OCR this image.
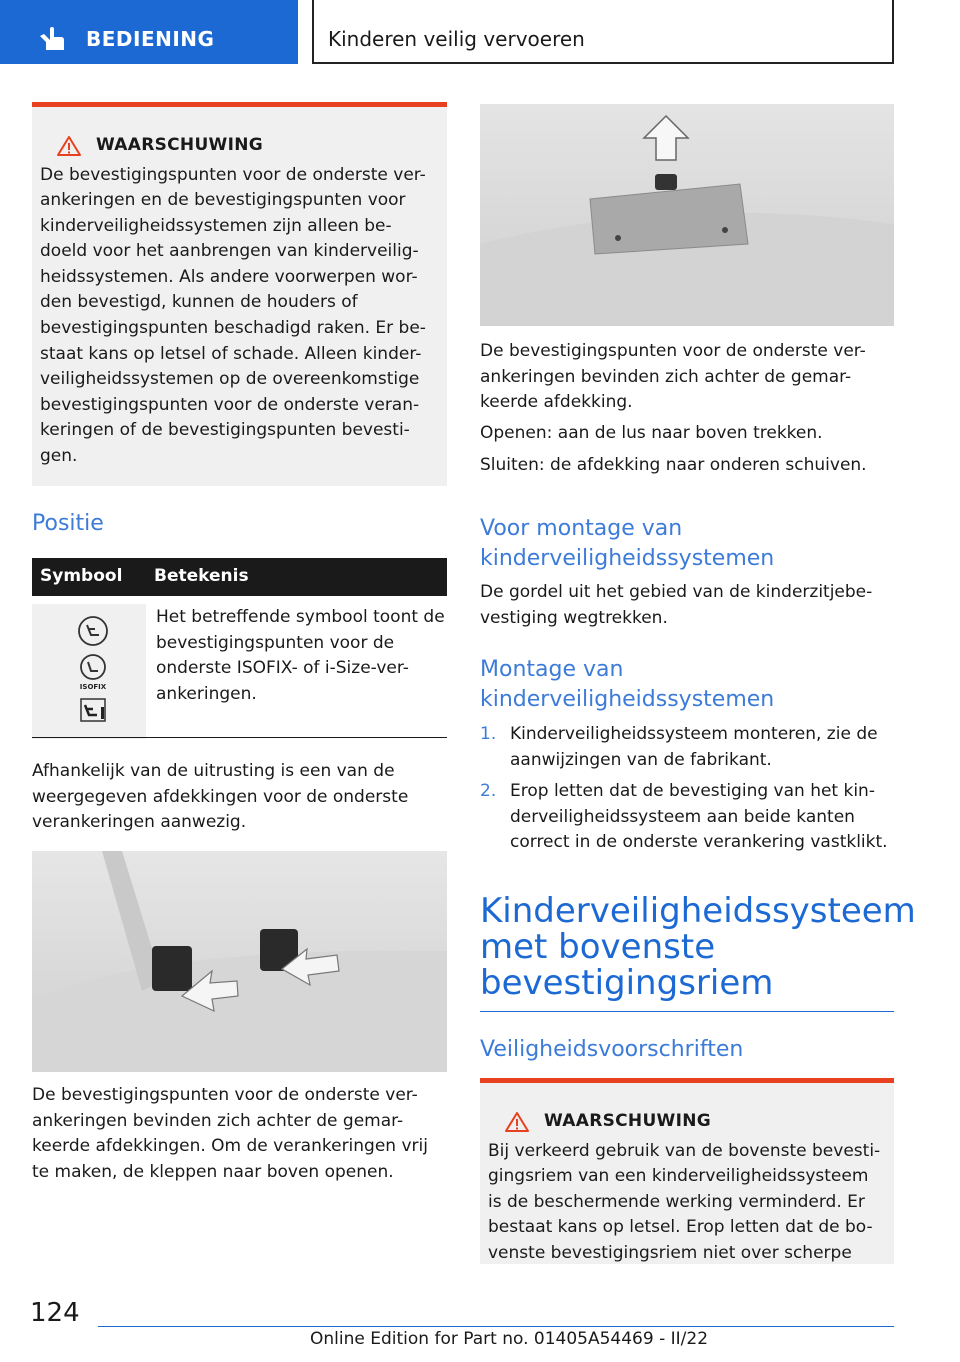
BEDIENING	Kinderen veilig vervoeren
WAARSCHUWING

De bevestigingspunten voor de onderste ver-ankeringen en de bevestigingspunten voor kinderveiligheidssystemen zijn alleen be-doeld voor het aanbrengen van kinderveilig-heidssystemen. Als andere voorwerpen wor-den bevestigd, kunnen de houders of bevestigingspunten beschadigd raken. Er be-staat kans op letsel of schade. Alleen kinder-veiligheidssystemen op de overeenkomstige bevestigingspunten voor de onderste veran-keringen of de bevestigingspunten bevesti-gen.

Positie
Symbool	Betekenis

ISOFIX	Het betreffende symbool toont de bevestigingspunten voor de onderste ISOFIX- of i-Size-ver-ankeringen.

Afhankelijk van de uitrusting is een van de weergegeven afdekkingen voor de onderste verankeringen aanwezig.

De bevestigingspunten voor de onderste ver-ankeringen bevinden zich achter de gemar-keerde afdekkingen. Om de verankeringen vrij te maken, de kleppen naar boven openen.

De bevestigingspunten voor de onderste ver-ankeringen bevinden zich achter de gemar-keerde afdekking.

Openen: aan de lus naar boven trekken.

Sluiten: de afdekking naar onderen schuiven.

Voor montage van kinderveiligheidssystemen

De gordel uit het gebied van de kinderzitjebe-vestiging wegtrekken.

Montage van kinderveiligheidssystemen
1. Kinderveiligheidssysteem monteren, zie de aanwijzingen van de fabrikant.
2. Erop letten dat de bevestiging van het kin-derveiligheidssysteem aan beide kanten correct in de onderste verankering vastklikt.
Kinderveiligheidssysteem met bovenste bevestigingsriem
Veiligheidsvoorschriften
WAARSCHUWING

Bij verkeerd gebruik van de bovenste bevesti-gingsriem van een kinderveiligheidssysteem is de beschermende werking verminderd. Er bestaat kans op letsel. Erop letten dat de bo-venste bevestigingsriem niet over scherpe

124
Online Edition for Part no. 01405A54469 - II/22
